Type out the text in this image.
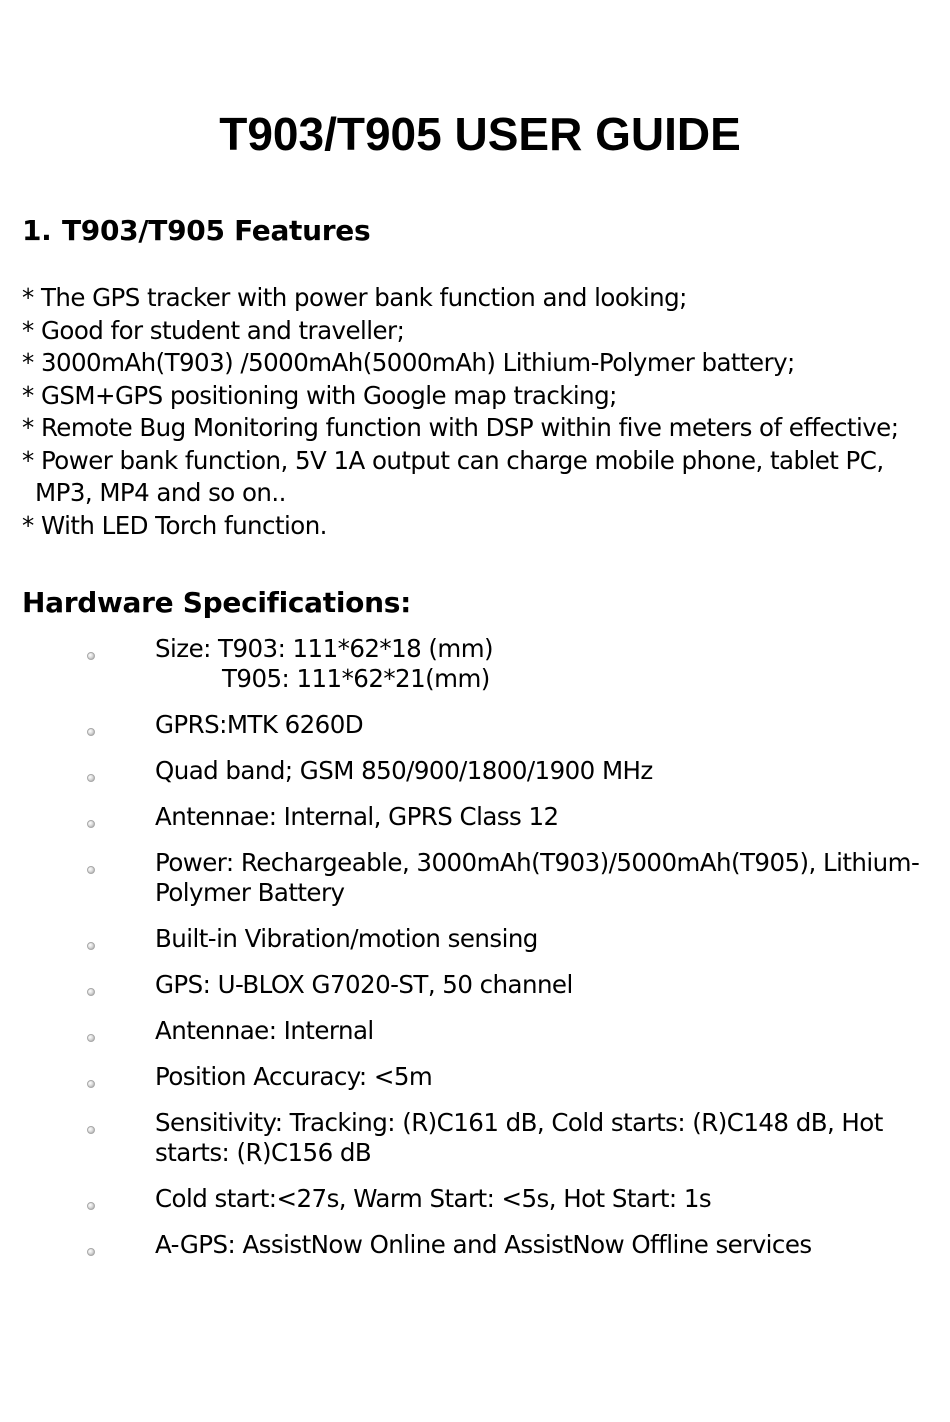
T903/T905 USER GUIDE
1. T903/T905 Features
* The GPS tracker with power bank function and looking;
* Good for student and traveller;
* 3000mAh(T903) /5000mAh(5000mAh) Lithium-Polymer battery;
* GSM+GPS positioning with Google map tracking;
* Remote Bug Monitoring function with DSP within five meters of effective;
* Power bank function, 5V 1A output can charge mobile phone, tablet PC,
MP3, MP4 and so on..
* With LED Torch function.
Hardware Specifications:
Size: T903: 111*62*18 (mm)
T905: 111*62*21(mm)
GPRS:MTK 6260D
Quad band; GSM 850/900/1800/1900 MHz
Antennae: Internal, GPRS Class 12
Power: Rechargeable, 3000mAh(T903)/5000mAh(T905), Lithium-
Polymer Battery
Built-in Vibration/motion sensing
GPS: U-BLOX G7020-ST, 50 channel
Antennae: Internal
Position Accuracy: <5m
Sensitivity: Tracking: (R)C161 dB, Cold starts: (R)C148 dB, Hot
starts: (R)C156 dB
Cold start:<27s, Warm Start: <5s, Hot Start: 1s
A-GPS: AssistNow Online and AssistNow Offline services
